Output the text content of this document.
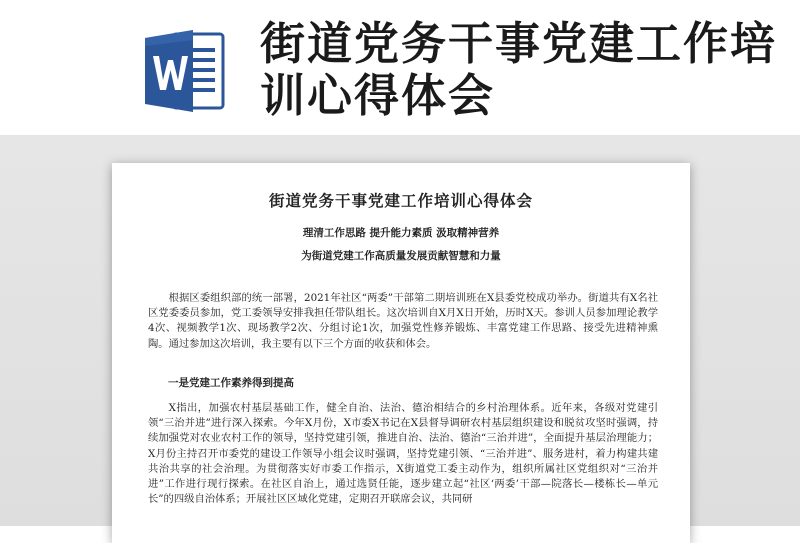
街道党务干事党建工作培训心得体会
街道党务干事党建工作培训心得体会
理清工作思路 提升能力素质 汲取精神营养
为街道党建工作高质量发展贡献智慧和力量
根据区委组织部的统一部署，2021年社区“两委”干部第二期培训班在X县委党校成功举办。街道共有X名社区党委委员参加，党工委领导安排我担任带队组长。这次培训自X月X日开始，历时X天。参训人员参加理论教学4次、视频教学1次、现场教学2次、分组讨论1次，加强党性修养锻炼、丰富党建工作思路、接受先进精神熏陶。通过参加这次培训，我主要有以下三个方面的收获和体会。
一是党建工作素养得到提高
X指出，加强农村基层基础工作，健全自治、法治、德治相结合的乡村治理体系。近年来，各级对党建引领“三治并进”进行深入探索。今年X月份，X市委X书记在X县督导调研农村基层组织建设和脱贫攻坚时强调，持续加强党对农业农村工作的领导，坚持党建引领，推进自治、法治、德治“三治并进”，全面提升基层治理能力；X月份主持召开市委党的建设工作领导小组会议时强调，坚持党建引领、“三治并进”、服务进村，着力构建共建共治共享的社会治理。为贯彻落实好市委工作指示，X街道党工委主动作为，组织所属社区党组织对“三治并进”工作进行现行探索。在社区自治上，通过选贤任能，逐步建立起“社区‘两委’干部—院落长—楼栋长—单元长”的四级自治体系；开展社区区域化党建，定期召开联席会议，共同研
